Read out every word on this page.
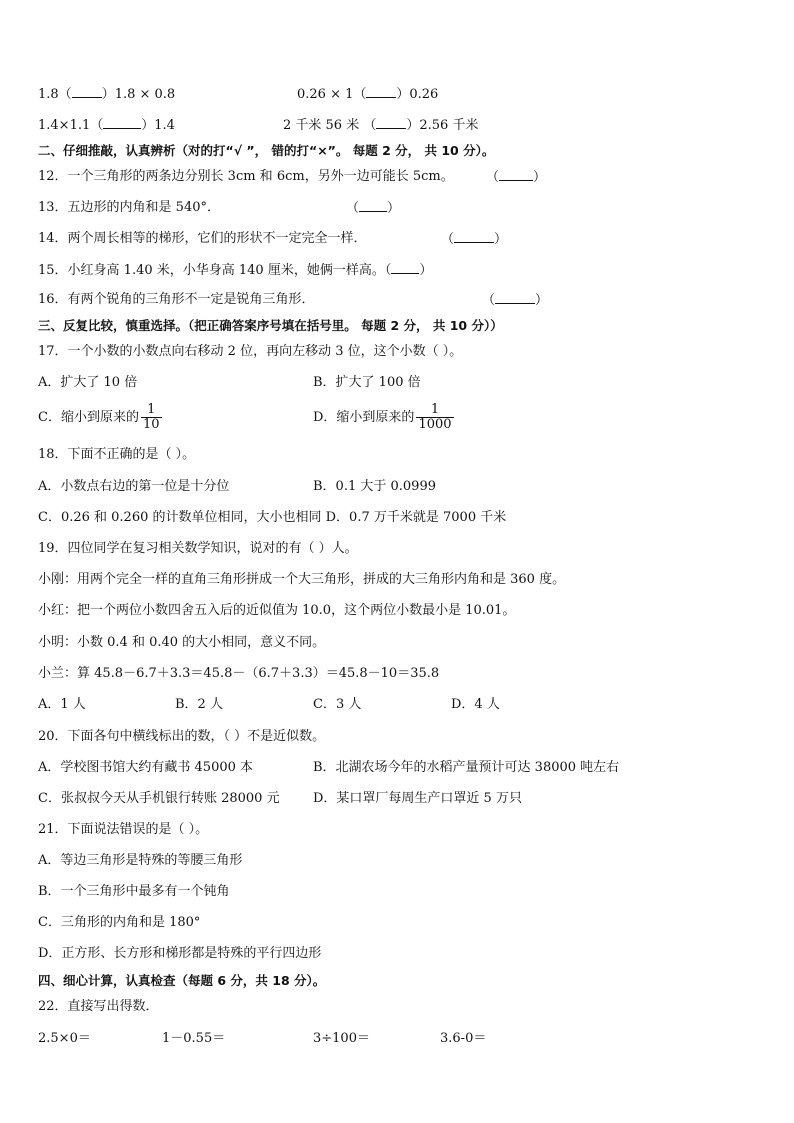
1.8（ ）1.8 × 0.8	0.26 × 1（ ）0.26
1.4×1.1（	）1.4	2 千米 56 米 （ ）2.56 千米
二、仔细推敲，认真辨析（对的打“√ ”， 错的打“×”。 每题 2 分， 共 10 分）。
12．一个三角形的两条边分别长 3cm 和 6cm，另外一边可能长 5cm。 （	）
13．五边形的内角和是 540°．	（ ）
14．两个周长相等的梯形，它们的形状不一定完全一样．	（	）
15．小红身高 1.40 米，小华身高 140 厘米，她俩一样高。（ ）
16．有两个锐角的三角形不一定是锐角三角形．	（	）
三、反复比较，慎重选择。（把正确答案序号填在括号里。 每题 2 分， 共 10 分））
17．一个小数的小数点向右移动 2 位，再向左移动 3 位，这个小数（ ）。
A．扩大了 10 倍	B．扩大了 100 倍
C．缩小到原来的 $\frac{1}{10}$	D．缩小到原来的 $\frac{1}{1000}$
18．下面不正确的是（ ）。
A．小数点右边的第一位是十分位	B．0.1 大于 0.0999
C．0.26 和 0.260 的计数单位相同，大小也相同 D．0.7 万千米就是 7000 千米
19．四位同学在复习相关数学知识，说对的有（ ）人。
小刚：用两个完全一样的直角三角形拼成一个大三角形，拼成的大三角形内角和是 360 度。
小红：把一个两位小数四舍五入后的近似值为 10.0，这个两位小数最小是 10.01。
小明：小数 0.4 和 0.40 的大小相同，意义不同。
小兰：算 45.8－6.7＋3.3＝45.8－（6.7＋3.3）＝45.8－10＝35.8
A．1 人	B．2 人	C．3 人	D．4 人
20．下面各句中横线标出的数，（ ）不是近似数。
A．学校图书馆大约有藏书 45000 本	B．北湖农场今年的水稻产量预计可达 38000 吨左右
C．张叔叔今天从手机银行转账 28000 元	D．某口罩厂每周生产口罩近 5 万只
21．下面说法错误的是（ ）。
A．等边三角形是特殊的等腰三角形
B．一个三角形中最多有一个钝角
C．三角形的内角和是 180°
D．正方形、长方形和梯形都是特殊的平行四边形
四、细心计算，认真检查（每题 6 分，共 18 分）。
22．直接写出得数．
2.5×0＝	1－0.55＝	3÷100＝	3.6-0＝
